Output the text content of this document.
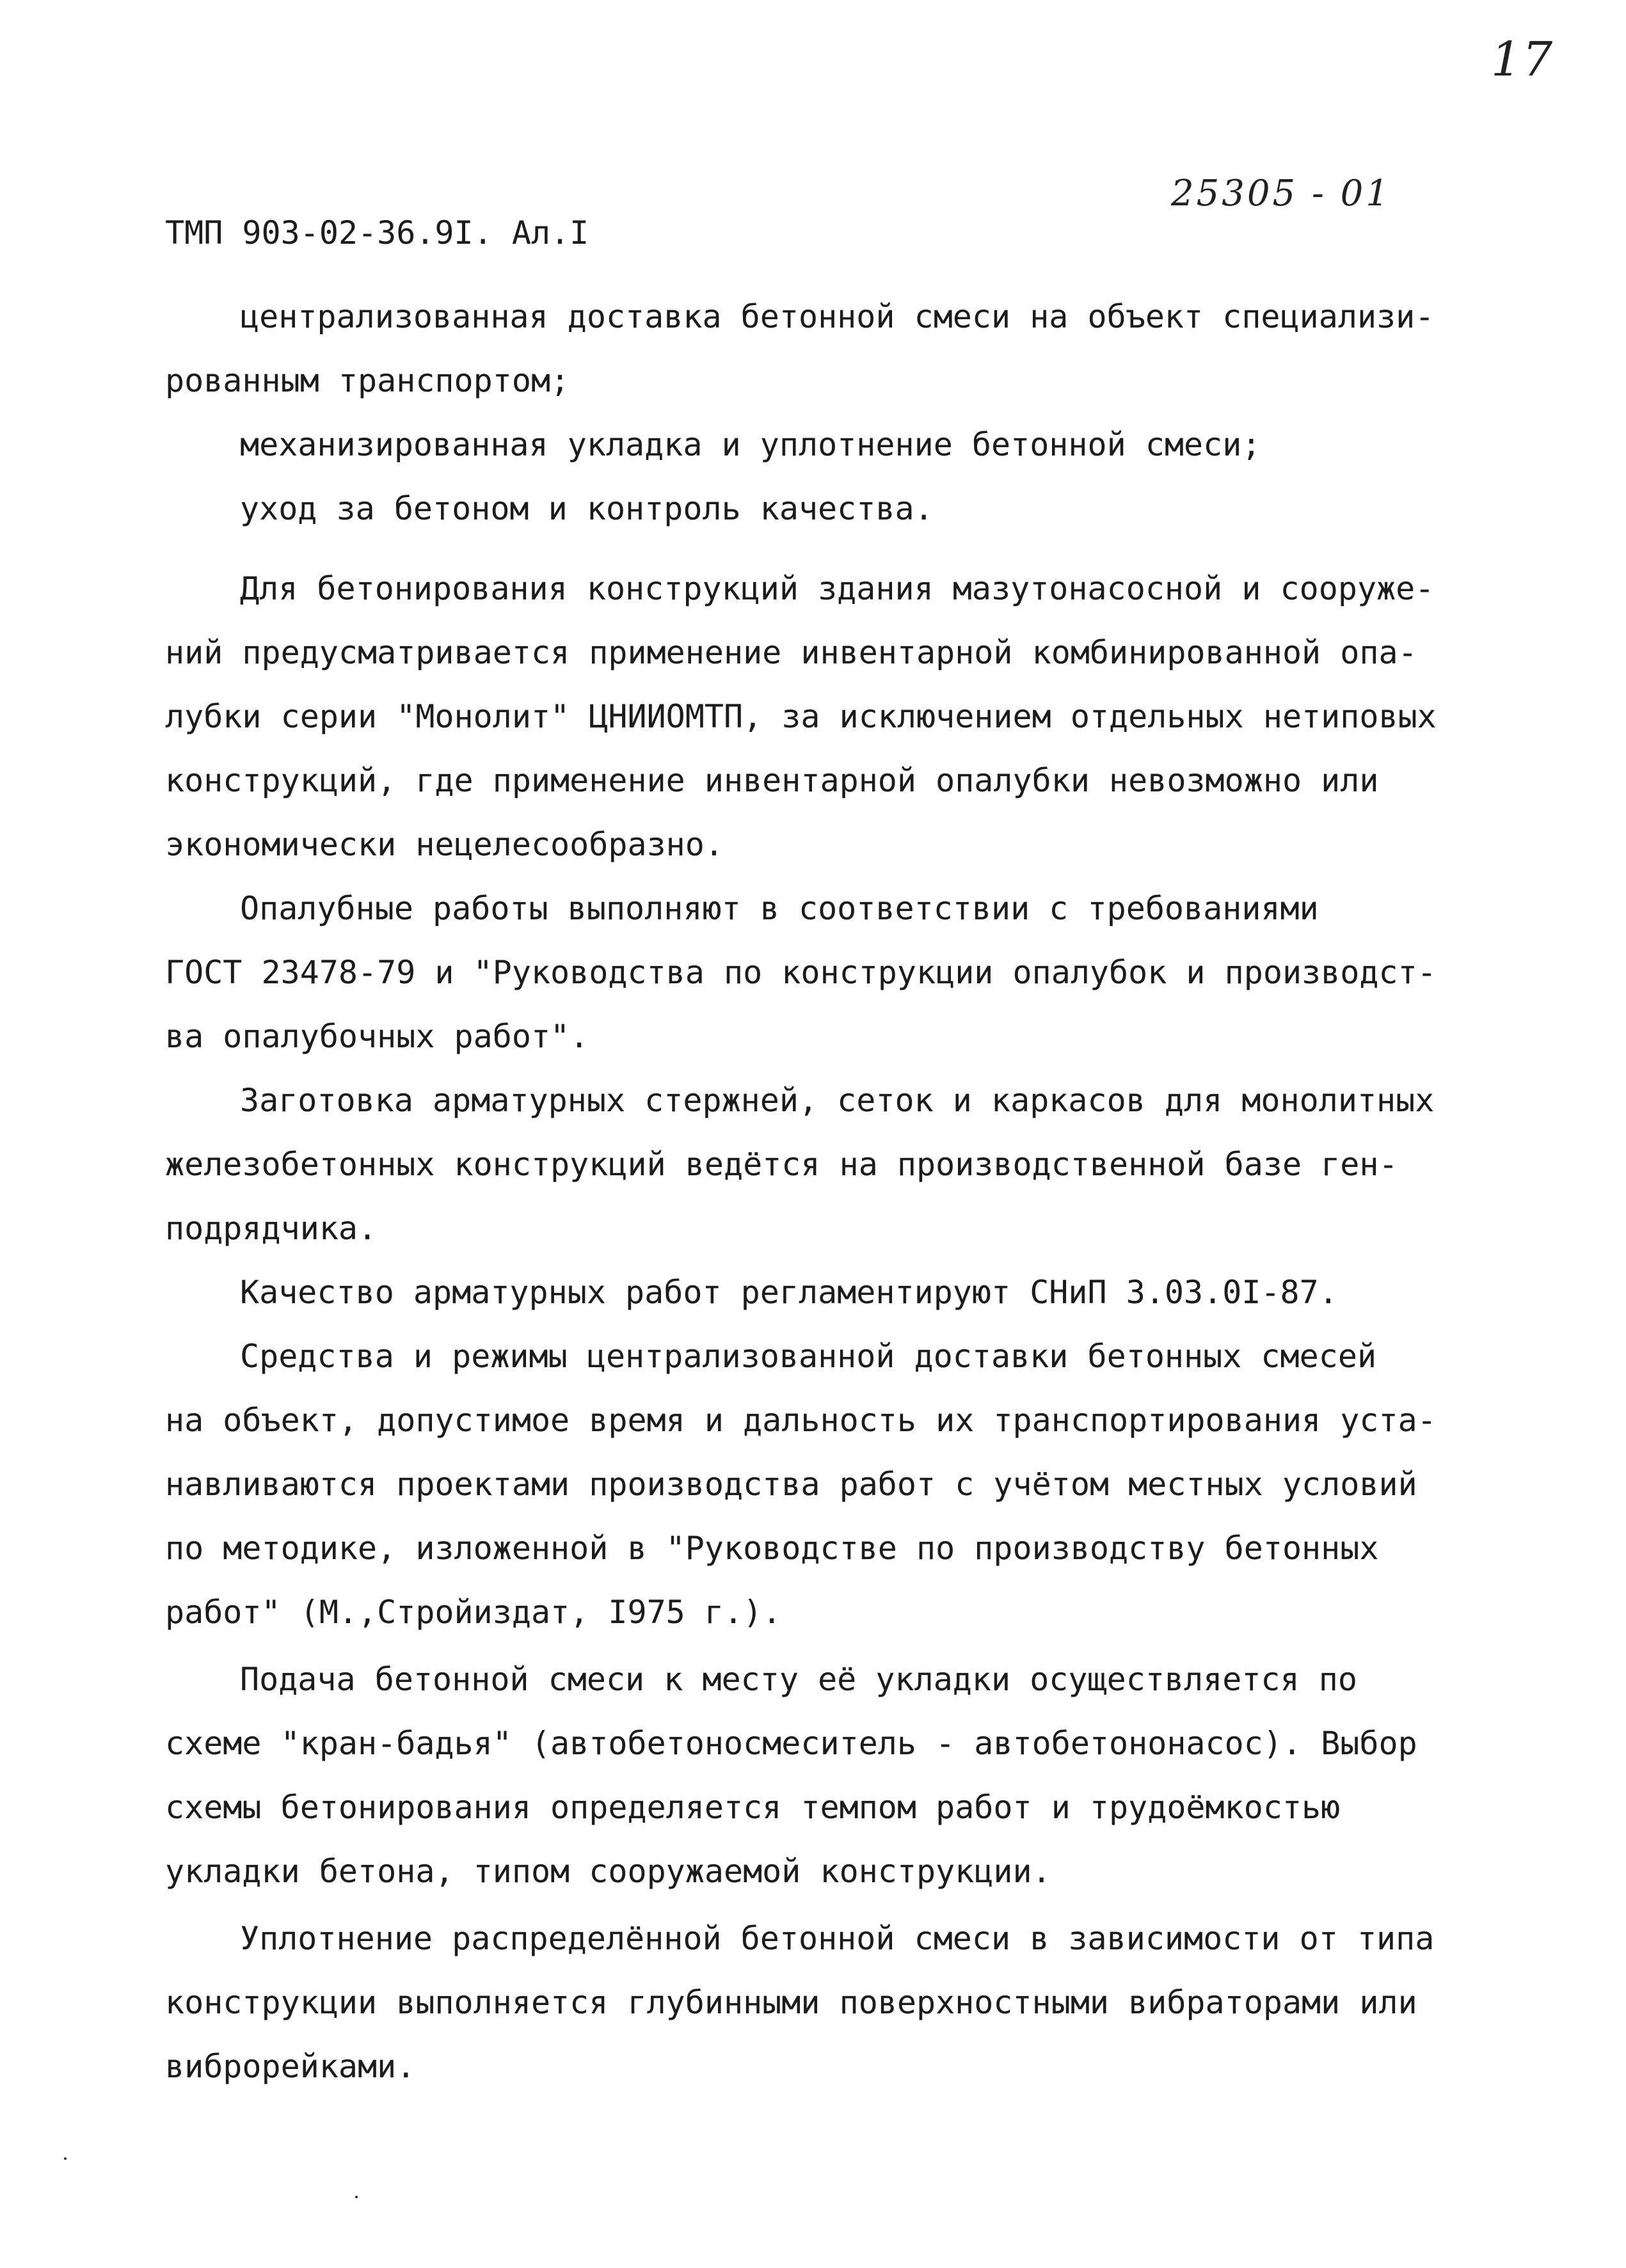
17
25305 - 01
ТМП 903-02-36.9I. Ал.I
централизованная доставка бетонной смеси на объект специализи-
рованным транспортом;
механизированная укладка и уплотнение бетонной смеси;
уход за бетоном и контроль качества.
Для бетонирования конструкций здания мазутонасосной и сооруже-
ний предусматривается применение инвентарной комбинированной опа-
лубки серии "Монолит" ЦНИИОМТП, за исключением отдельных нетиповых
конструкций, где применение инвентарной опалубки невозможно или
экономически нецелесообразно.
Опалубные работы выполняют в соответствии с требованиями
ГОСТ 23478-79 и "Руководства по конструкции опалубок и производст-
ва опалубочных работ".
Заготовка арматурных стержней, сеток и каркасов для монолитных
железобетонных конструкций ведётся на производственной базе ген-
подрядчика.
Качество арматурных работ регламентируют СНиП 3.03.0I-87.
Средства и режимы централизованной доставки бетонных смесей
на объект, допустимое время и дальность их транспортирования уста-
навливаются проектами производства работ с учётом местных условий
по методике, изложенной в "Руководстве по производству бетонных
работ" (М.,Стройиздат, I975 г.).
Подача бетонной смеси к месту её укладки осуществляется по
схеме "кран-бадья" (автобетоносмеситель - автобетононасос). Выбор
схемы бетонирования определяется темпом работ и трудоёмкостью
укладки бетона, типом сооружаемой конструкции.
Уплотнение распределённой бетонной смеси в зависимости от типа
конструкции выполняется глубинными поверхностными вибраторами или
виброрейками.
